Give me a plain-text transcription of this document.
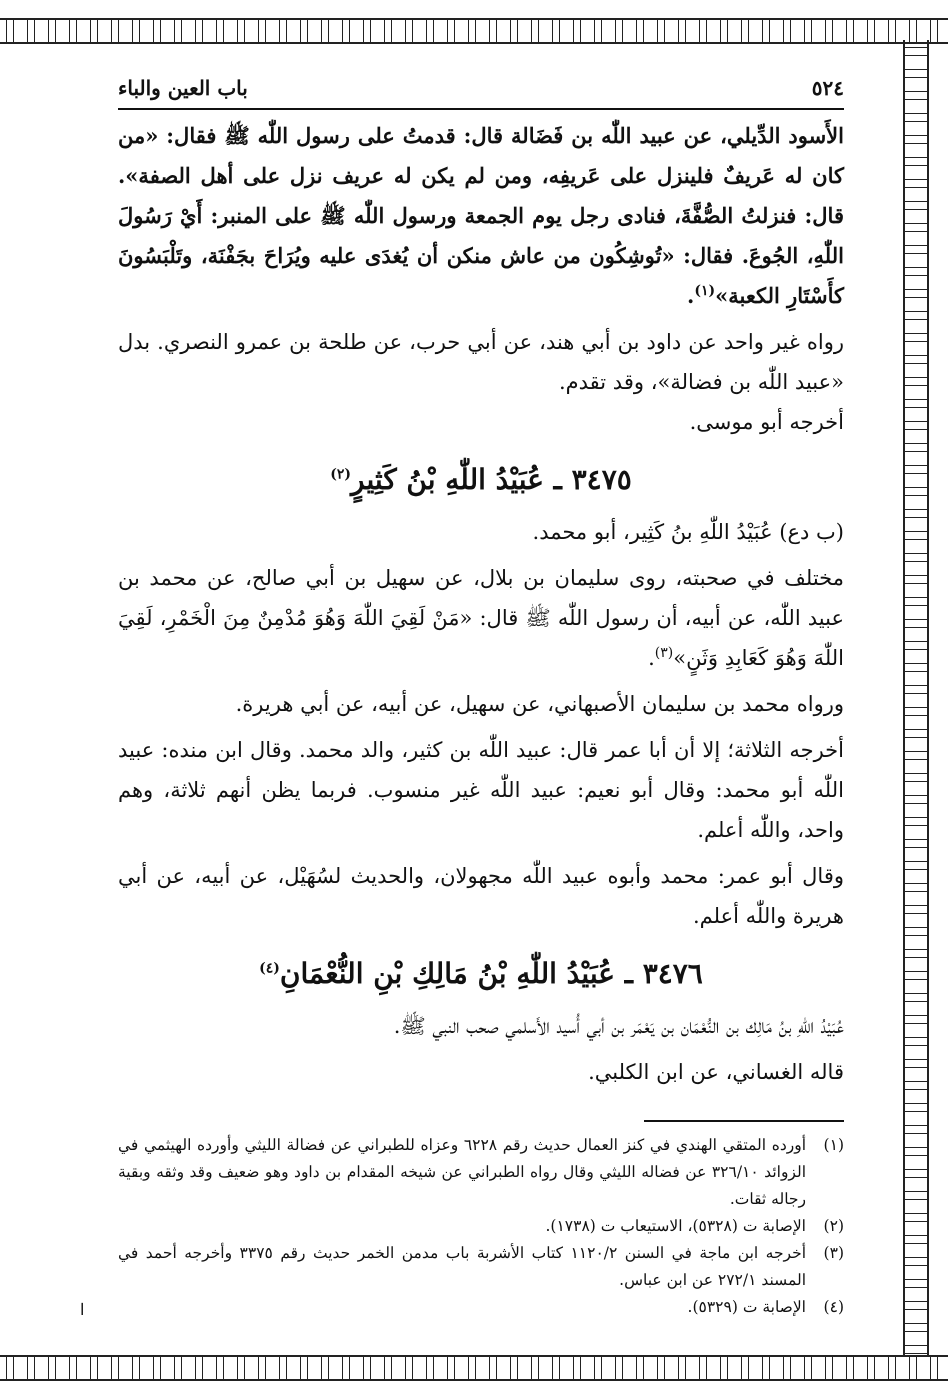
٥٢٤
باب العين والباء

الأَسود الدِّيلي، عن عبيد اللّٰه بن فَضَالة قال: قدمتُ على رسول اللّٰه ﷺ فقال: «من كان له عَريفٌ فلينزل على عَريفِه، ومن لم يكن له عريف نزل على أهل الصفة». قال: فنزلتُ الصُّفَّةَ، فنادى رجل يوم الجمعة ورسول اللّٰه ﷺ على المنبر: أَيْ رَسُولَ اللّٰهِ، الجُوعَ. فقال: «تُوشِكُون من عاش منكن أن يُغدَى عليه ويُرَاحَ بجَفْنَة، وتَلْبَسُونَ كأَسْتَارِ الكعبة»$^{(١)}$.

رواه غير واحد عن داود بن أبي هند، عن أبي حرب، عن طلحة بن عمرو النصري. بدل «عبيد اللّٰه بن فضالة»، وقد تقدم.

أخرجه أبو موسى.

٣٤٧٥ ـ عُبَيْدُ اللّٰهِ بْنُ كَثِيرٍ$^{(٢)}$

(ب دع) عُبَيْدُ اللّٰهِ بنُ كَثِير، أبو محمد.

مختلف في صحبته، روى سليمان بن بلال، عن سهيل بن أبي صالح، عن محمد بن عبيد اللّٰه، عن أبيه، أن رسول اللّٰه ﷺ قال: «مَنْ لَقِيَ اللّٰهَ وَهُوَ مُدْمِنٌ مِنَ الْخَمْرِ، لَقِيَ اللّٰهَ وَهُوَ كَعَابِدِ وَثَنٍ»$^{(٣)}$.

ورواه محمد بن سليمان الأصبهاني، عن سهيل، عن أبيه، عن أبي هريرة.

أخرجه الثلاثة؛ إلا أن أبا عمر قال: عبيد اللّٰه بن كثير، والد محمد. وقال ابن منده: عبيد اللّٰه أبو محمد: وقال أبو نعيم: عبيد اللّٰه غير منسوب. فربما يظن أنهم ثلاثة، وهم واحد، واللّٰه أعلم.

وقال أبو عمر: محمد وأبوه عبيد اللّٰه مجهولان، والحديث لسُهَيْل، عن أبيه، عن أبي هريرة واللّٰه أعلم.

٣٤٧٦ ـ عُبَيْدُ اللّٰهِ بْنُ مَالِكِ بْنِ النُّعْمَانِ$^{(٤)}$

عُبَيْدُ اللّٰهِ بنُ مَالِك بن النُّعْمَان بن يَعْمَر بن أبي أُسيد الأَسلمي صحب النبي ﷺ.

قاله الغساني، عن ابن الكلبي.

(١)
أورده المتقي الهندي في كنز العمال حديث رقم ٦٢٢٨ وعزاه للطبراني عن فضالة الليثي وأورده الهيثمي في الزوائد ٣٢٦/١٠ عن فضاله الليثي وقال رواه الطبراني عن شيخه المقدام بن داود وهو ضعيف وقد وثقه وبقية رجاله ثقات.

(٢)
الإصابة ت (٥٣٢٨)، الاستيعاب ت (١٧٣٨).

(٣)
أخرجه ابن ماجة في السنن ١١٢٠/٢ كتاب الأشربة باب مدمن الخمر حديث رقم ٣٣٧٥ وأخرجه أحمد في المسند ٢٧٢/١ عن ابن عباس.

(٤)
الإصابة ت (٥٣٢٩).
ا
